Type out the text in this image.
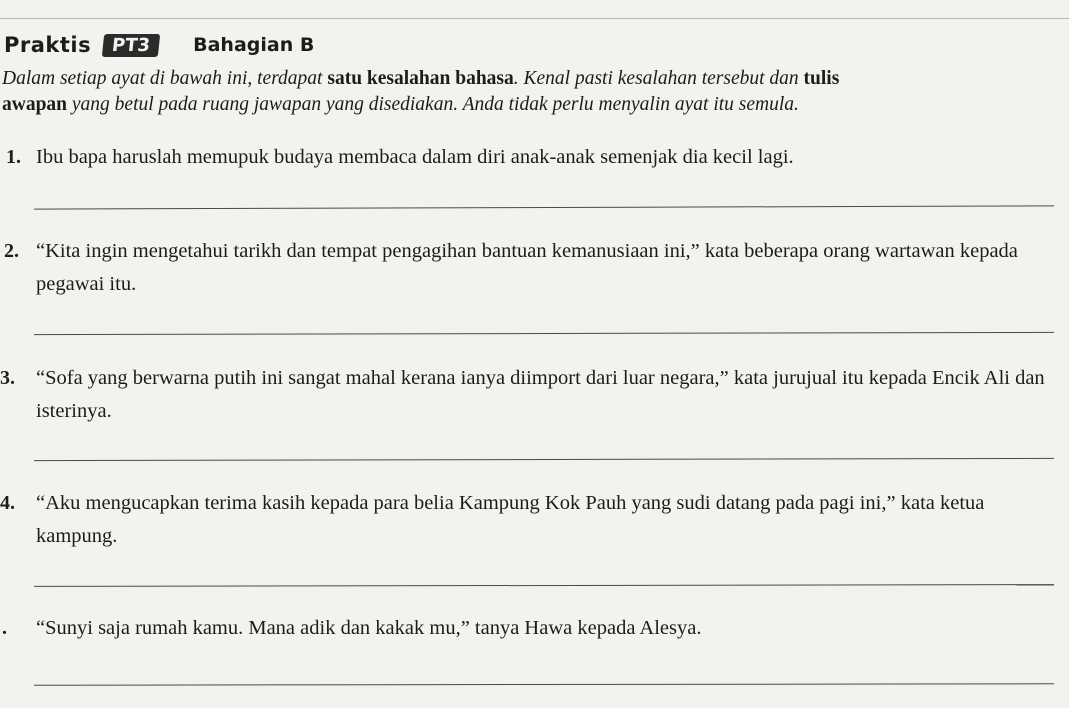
Praktis	PT3	Bahagian B
Dalam setiap ayat di bawah ini, terdapat satu kesalahan bahasa. Kenal pasti kesalahan tersebut dan tulis
awapan yang betul pada ruang jawapan yang disediakan. Anda tidak perlu menyalin ayat itu semula.
1. Ibu bapa haruslah memupuk budaya membaca dalam diri anak-anak semenjak dia kecil lagi.
2. “Kita ingin mengetahui tarikh dan tempat pengagihan bantuan kemanusiaan ini,” kata beberapa orang wartawan kepada pegawai itu.
3. “Sofa yang berwarna putih ini sangat mahal kerana ianya diimport dari luar negara,” kata jurujual itu kepada Encik Ali dan isterinya.
4. “Aku mengucapkan terima kasih kepada para belia Kampung Kok Pauh yang sudi datang pada pagi ini,” kata ketua kampung.
. “Sunyi saja rumah kamu. Mana adik dan kakak mu,” tanya Hawa kepada Alesya.
